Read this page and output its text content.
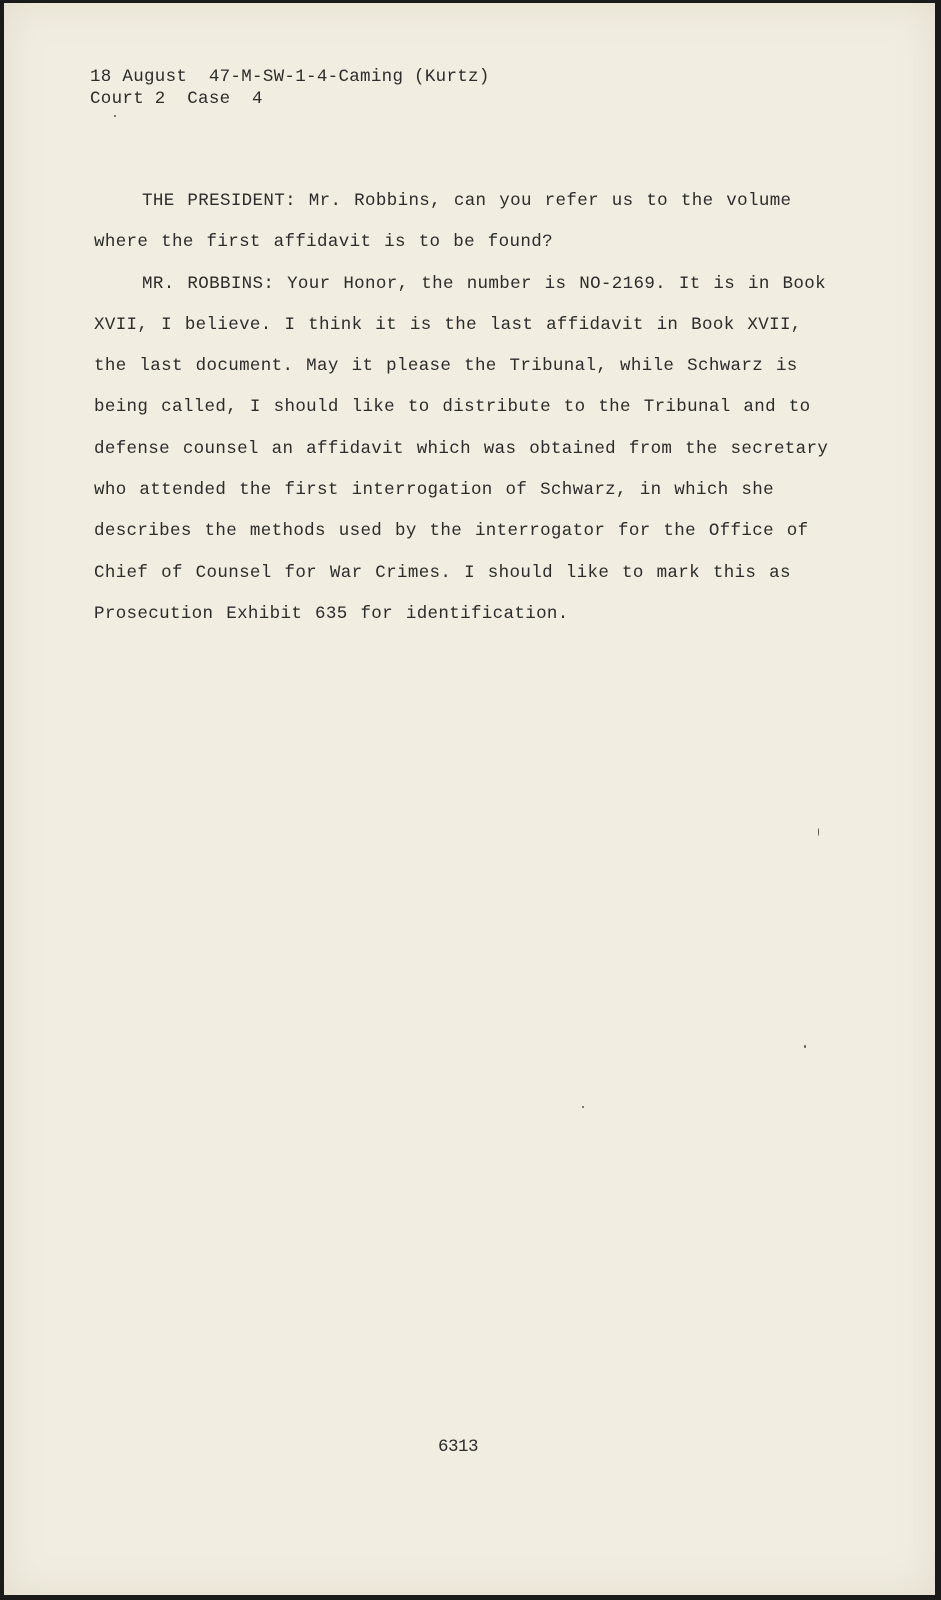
18 August  47-M-SW-1-4-Caming (Kurtz)
Court 2  Case  4

THE PRESIDENT: Mr. Robbins, can you refer us to the volume where the first affidavit is to be found?

MR. ROBBINS: Your Honor, the number is NO-2169. It is in Book XVII, I believe. I think it is the last affidavit in Book XVII, the last document. May it please the Tribunal, while Schwarz is being called, I should like to distribute to the Tribunal and to defense counsel an affidavit which was obtained from the secretary who attended the first interrogation of Schwarz, in which she describes the methods used by the interrogator for the Office of Chief of Counsel for War Crimes. I should like to mark this as Prosecution Exhibit 635 for identification.

6313
